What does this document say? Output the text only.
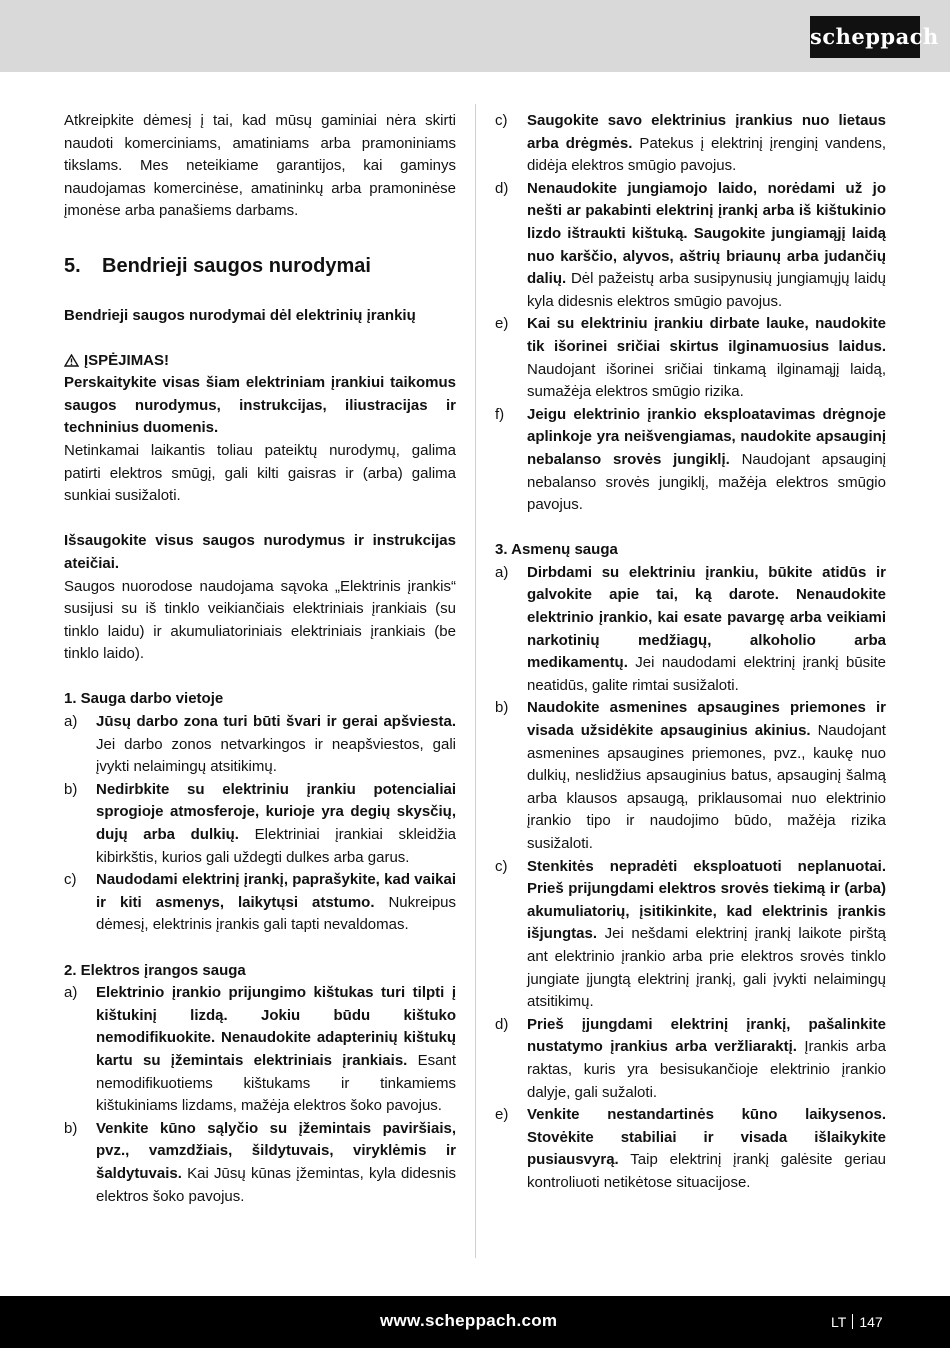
scheppach

Atkreipkite dėmesį į tai, kad mūsų gaminiai nėra skirti naudoti komerciniams, amatiniams arba pramoniniams tikslams. Mes neteikiame garantijos, kai gaminys naudojamas komercinėse, amatininkų arba pramoninėse įmonėse arba panašiems darbams.

5.	Bendrieji saugos nurodymai
Bendrieji saugos nurodymai dėl elektrinių įrankių
ĮSPĖJIMAS!

Perskaitykite visas šiam elektriniam įrankiui taikomus saugos nurodymus, instrukcijas, iliustracijas ir techninius duomenis.

Netinkamai laikantis toliau pateiktų nurodymų, galima patirti elektros smūgį, gali kilti gaisras ir (arba) galima sunkiai susižaloti.

Išsaugokite visus saugos nurodymus ir instrukcijas ateičiai.

Saugos nuorodose naudojama sąvoka „Elektrinis įrankis“ susijusi su iš tinklo veikiančiais elektriniais įrankiais (su tinklo laidu) ir akumuliatoriniais elektriniais įrankiais (be tinklo laido).

1. Sauga darbo vietoje
a)	Jūsų darbo zona turi būti švari ir gerai apšviesta. Jei darbo zonos netvarkingos ir neapšviestos, gali įvykti nelaimingų atsitikimų.
b)	Nedirbkite su elektriniu įrankiu potencialiai sprogioje atmosferoje, kurioje yra degių skysčių, dujų arba dulkių. Elektriniai įrankiai skleidžia kibirkštis, kurios gali uždegti dulkes arba garus.
c)	Naudodami elektrinį įrankį, paprašykite, kad vaikai ir kiti asmenys, laikytųsi atstumo. Nukreipus dėmesį, elektrinis įrankis gali tapti nevaldomas.
2. Elektros įrangos sauga
a)	Elektrinio įrankio prijungimo kištukas turi tilpti į kištukinį lizdą. Jokiu būdu kištuko nemodifikuokite. Nenaudokite adapterinių kištukų kartu su įžemintais elektriniais įrankiais. Esant nemodifikuotiems kištukams ir tinkamiems kištukiniams lizdams, mažėja elektros šoko pavojus.
b)	Venkite kūno sąlyčio su įžemintais paviršiais, pvz., vamzdžiais, šildytuvais, viryklėmis ir šaldytuvais. Kai Jūsų kūnas įžemintas, kyla didesnis elektros šoko pavojus.
c)	Saugokite savo elektrinius įrankius nuo lietaus arba drėgmės. Patekus į elektrinį įrenginį vandens, didėja elektros smūgio pavojus.
d)	Nenaudokite jungiamojo laido, norėdami už jo nešti ar pakabinti elektrinį įrankį arba iš kištukinio lizdo ištraukti kištuką. Saugokite jungiamąjį laidą nuo karščio, alyvos, aštrių briaunų arba judančių dalių. Dėl pažeistų arba susipynusių jungiamųjų laidų kyla didesnis elektros smūgio pavojus.
e)	Kai su elektriniu įrankiu dirbate lauke, naudokite tik išorinei sričiai skirtus ilginamuosius laidus. Naudojant išorinei sričiai tinkamą ilginamąjį laidą, sumažėja elektros smūgio rizika.
f)	Jeigu elektrinio įrankio eksploatavimas drėgnoje aplinkoje yra neišvengiamas, naudokite apsauginį nebalanso srovės jungiklį. Naudojant apsauginį nebalanso srovės jungiklį, mažėja elektros smūgio pavojus.
3. Asmenų sauga
a)	Dirbdami su elektriniu įrankiu, būkite atidūs ir galvokite apie tai, ką darote. Nenaudokite elektrinio įrankio, kai esate pavargę arba veikiami narkotinių medžiagų, alkoholio arba medikamentų. Jei naudodami elektrinį įrankį būsite neatidūs, galite rimtai susižaloti.
b)	Naudokite asmenines apsaugines priemones ir visada užsidėkite apsauginius akinius. Naudojant asmenines apsaugines priemones, pvz., kaukę nuo dulkių, neslidžius apsauginius batus, apsauginį šalmą arba klausos apsaugą, priklausomai nuo elektrinio įrankio tipo ir naudojimo būdo, mažėja rizika susižaloti.
c)	Stenkitės nepradėti eksploatuoti neplanuotai. Prieš prijungdami elektros srovės tiekimą ir (arba) akumuliatorių, įsitikinkite, kad elektrinis įrankis išjungtas. Jei nešdami elektrinį įrankį laikote pirštą ant elektrinio įrankio arba prie elektros srovės tinklo jungiate įjungtą elektrinį įrankį, gali įvykti nelaimingų atsitikimų.
d)	Prieš įjungdami elektrinį įrankį, pašalinkite nustatymo įrankius arba veržliaraktį. Įrankis arba raktas, kuris yra besisukančioje elektrinio įrankio dalyje, gali sužaloti.
e)	Venkite nestandartinės kūno laikysenos. Stovėkite stabiliai ir visada išlaikykite pusiausvyrą. Taip elektrinį įrankį galėsite geriau kontroliuoti netikėtose situacijose.
www.scheppach.com	LT 147
